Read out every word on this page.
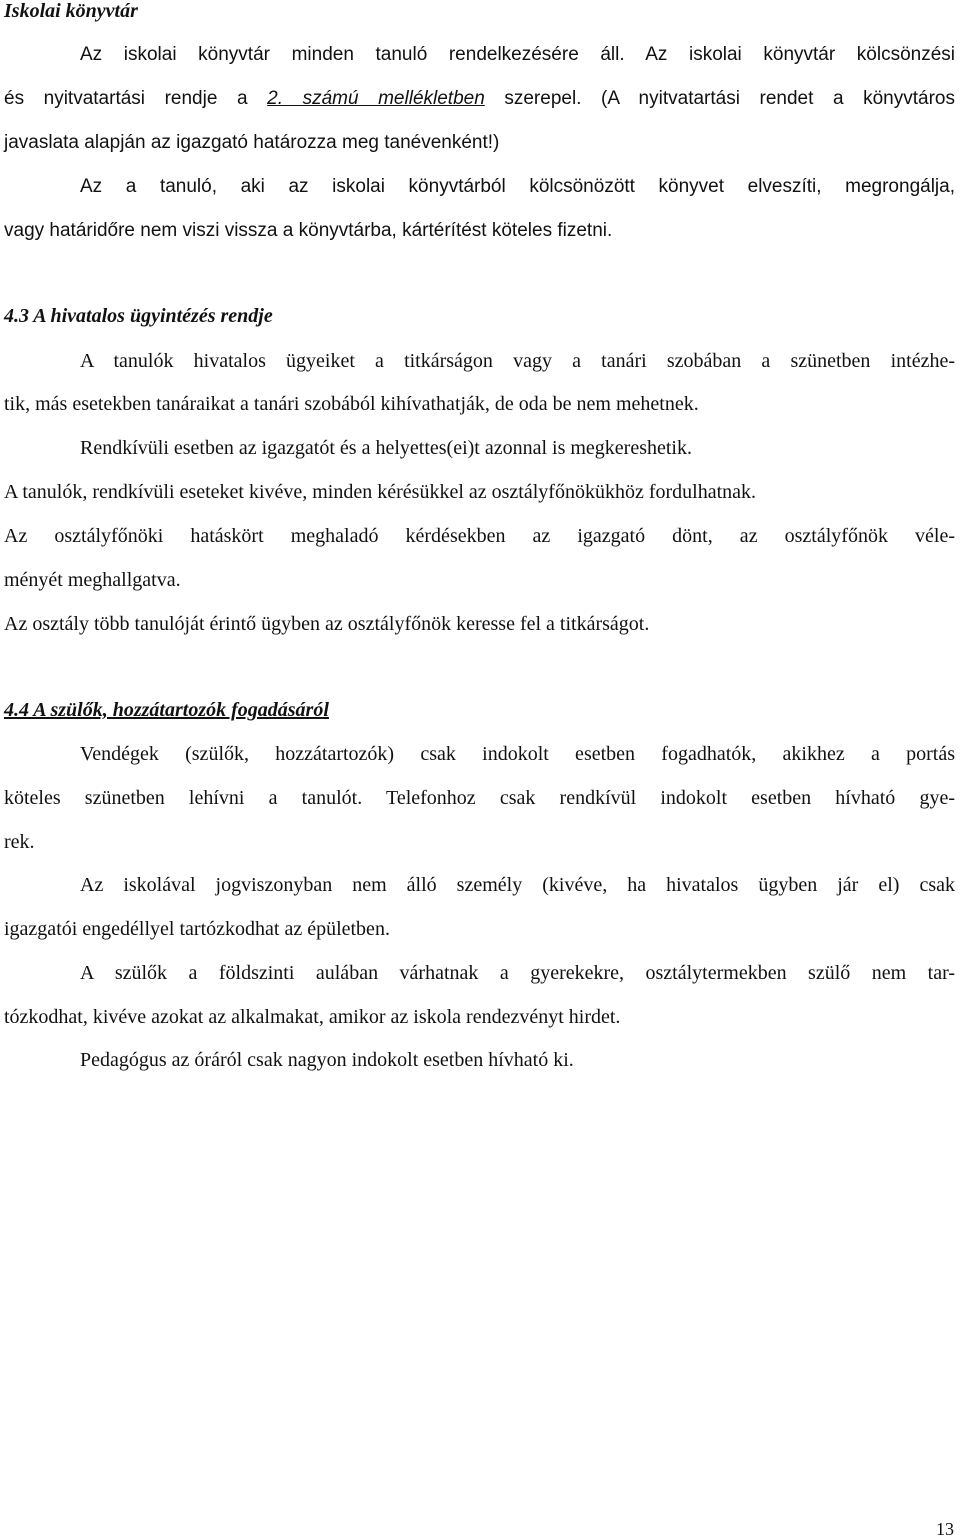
Iskolai könyvtár
Az iskolai könyvtár minden tanuló rendelkezésére áll. Az iskolai könyvtár kölcsönzési
és nyitvatartási rendje a 2. számú mellékletben szerepel. (A nyitvatartási rendet a könyvtáros
javaslata alapján az igazgató határozza meg tanévenként!)
Az a tanuló, aki az iskolai könyvtárból kölcsönözött könyvet elveszíti, megrongálja,
vagy határidőre nem viszi vissza a könyvtárba, kártérítést köteles fizetni.
4.3 A hivatalos ügyintézés rendje
A tanulók hivatalos ügyeiket a titkárságon vagy a tanári szobában a szünetben intézhe-
tik, más esetekben tanáraikat a tanári szobából kihívathatják, de oda be nem mehetnek.
Rendkívüli esetben az igazgatót és a helyettes(ei)t azonnal is megkereshetik.
A tanulók, rendkívüli eseteket kivéve, minden kérésükkel az osztályfőnökükhöz fordulhatnak.
Az osztályfőnöki hatáskört meghaladó kérdésekben az igazgató dönt, az osztályfőnök véle-
ményét meghallgatva.
Az osztály több tanulóját érintő ügyben az osztályfőnök keresse fel a titkárságot.
4.4 A szülők, hozzátartozók fogadásáról
Vendégek (szülők, hozzátartozók) csak indokolt esetben fogadhatók, akikhez a portás
köteles szünetben lehívni a tanulót. Telefonhoz csak rendkívül indokolt esetben hívható gye-
rek.
Az iskolával jogviszonyban nem álló személy (kivéve, ha hivatalos ügyben jár el) csak
igazgatói engedéllyel tartózkodhat az épületben.
A szülők a földszinti aulában várhatnak a gyerekekre, osztálytermekben szülő nem tar-
tózkodhat, kivéve azokat az alkalmakat, amikor az iskola rendezvényt hirdet.
Pedagógus az óráról csak nagyon indokolt esetben hívható ki.
13
